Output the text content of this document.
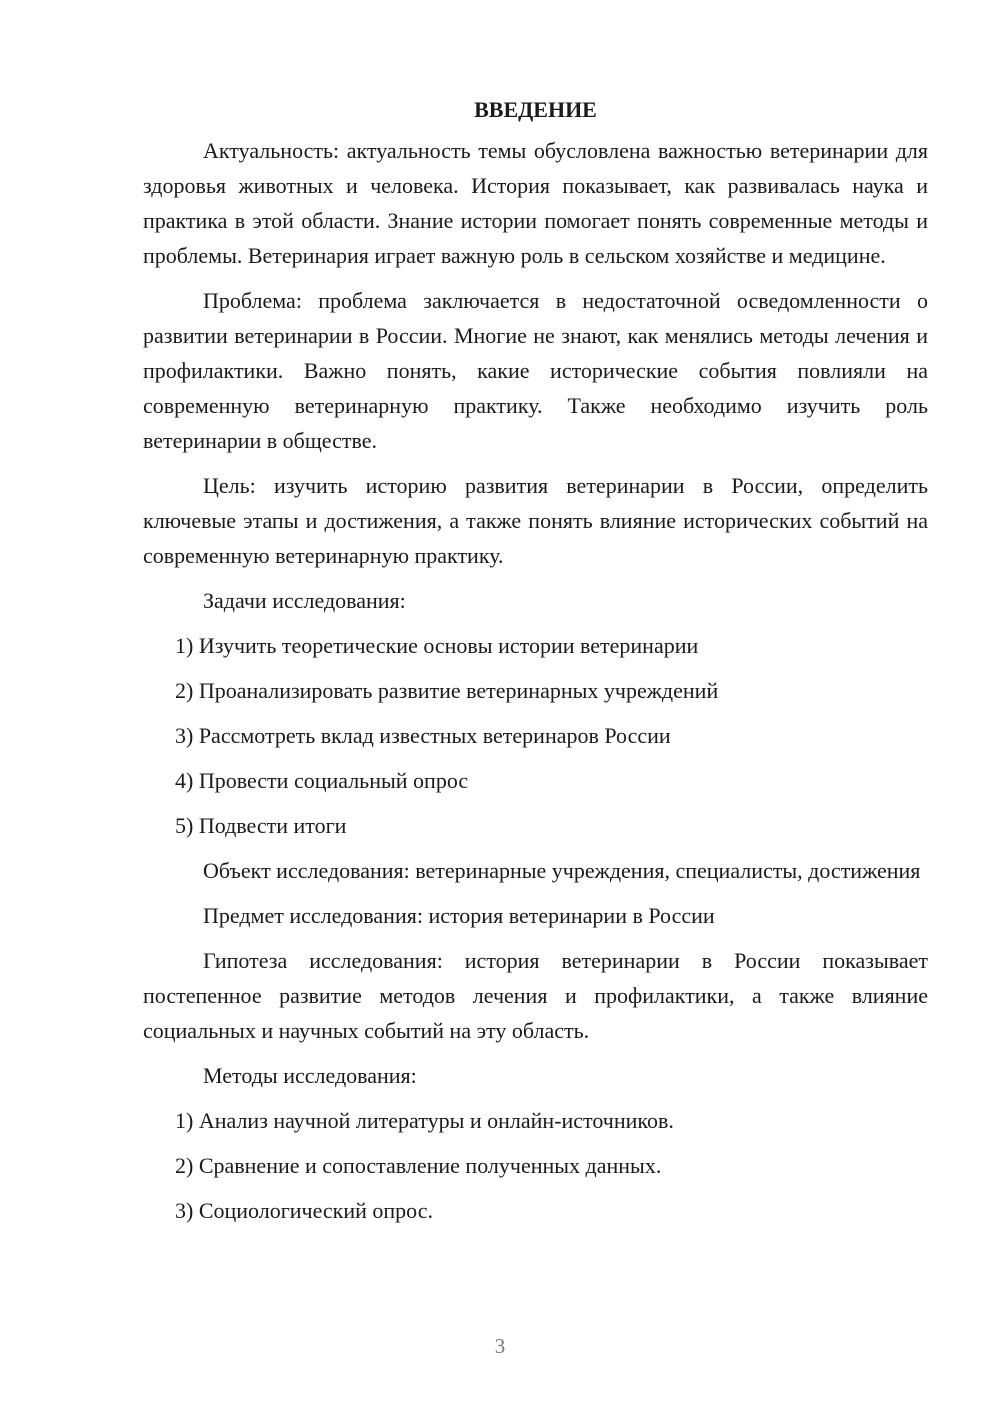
ВВЕДЕНИЕ
Актуальность: актуальность темы обусловлена важностью ветеринарии для здоровья животных и человека. История показывает, как развивалась наука и практика в этой области. Знание истории помогает понять современные методы и проблемы. Ветеринария играет важную роль в сельском хозяйстве и медицине.
Проблема: проблема заключается в недостаточной осведомленности о развитии ветеринарии в России. Многие не знают, как менялись методы лечения и профилактики. Важно понять, какие исторические события повлияли на современную ветеринарную практику. Также необходимо изучить роль ветеринарии в обществе.
Цель: изучить историю развития ветеринарии в России, определить ключевые этапы и достижения, а также понять влияние исторических событий на современную ветеринарную практику.
Задачи исследования:
1) Изучить теоретические основы истории ветеринарии
2) Проанализировать развитие ветеринарных учреждений
3) Рассмотреть вклад известных ветеринаров России
4) Провести социальный опрос
5) Подвести итоги
Объект исследования: ветеринарные учреждения, специалисты, достижения
Предмет исследования: история ветеринарии в России
Гипотеза исследования: история ветеринарии в России показывает постепенное развитие методов лечения и профилактики, а также влияние социальных и научных событий на эту область.
Методы исследования:
1) Анализ научной литературы и онлайн-источников.
2) Сравнение и сопоставление полученных данных.
3) Социологический опрос.
3
